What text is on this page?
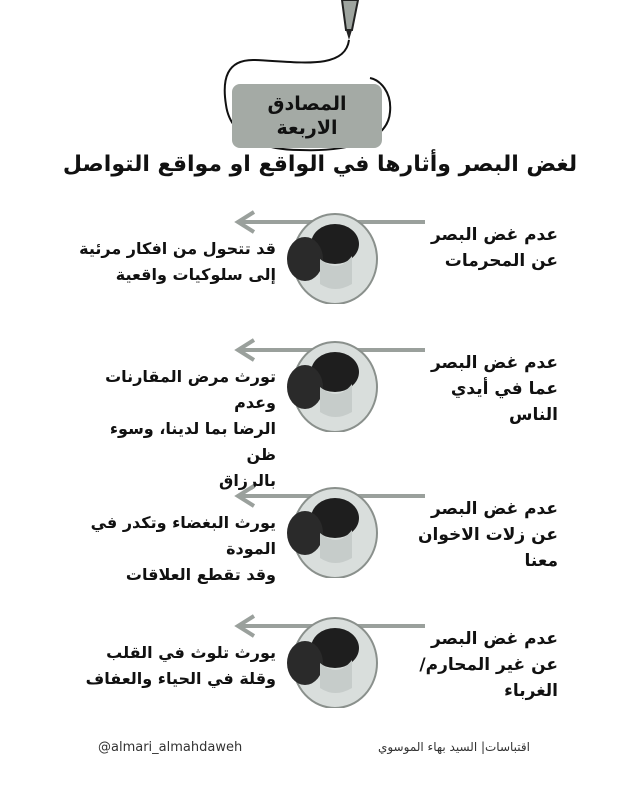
المصادق
الاربعة
لغض البصر وأثارها في الواقع او مواقع التواصل
عدم غض البصر
عن المحرمات
قد تتحول من افكار مرئية
إلى سلوكيات واقعية
عدم غض البصر
عما في أيدي الناس
تورث مرض المقارنات وعدم
الرضا بما لدينا، وسوء ظن
بالرزاق
عدم غض البصر
عن زلات الاخوان
معنا
يورث البغضاء وتكدر في المودة
وقد تقطع العلاقات
عدم غض البصر
عن غير المحارم/
الغرباء
يورث تلوث في القلب
وقلة في الحياء والعفاف
@almari_almahdaweh	اقتباسات| السيد بهاء الموسوي
